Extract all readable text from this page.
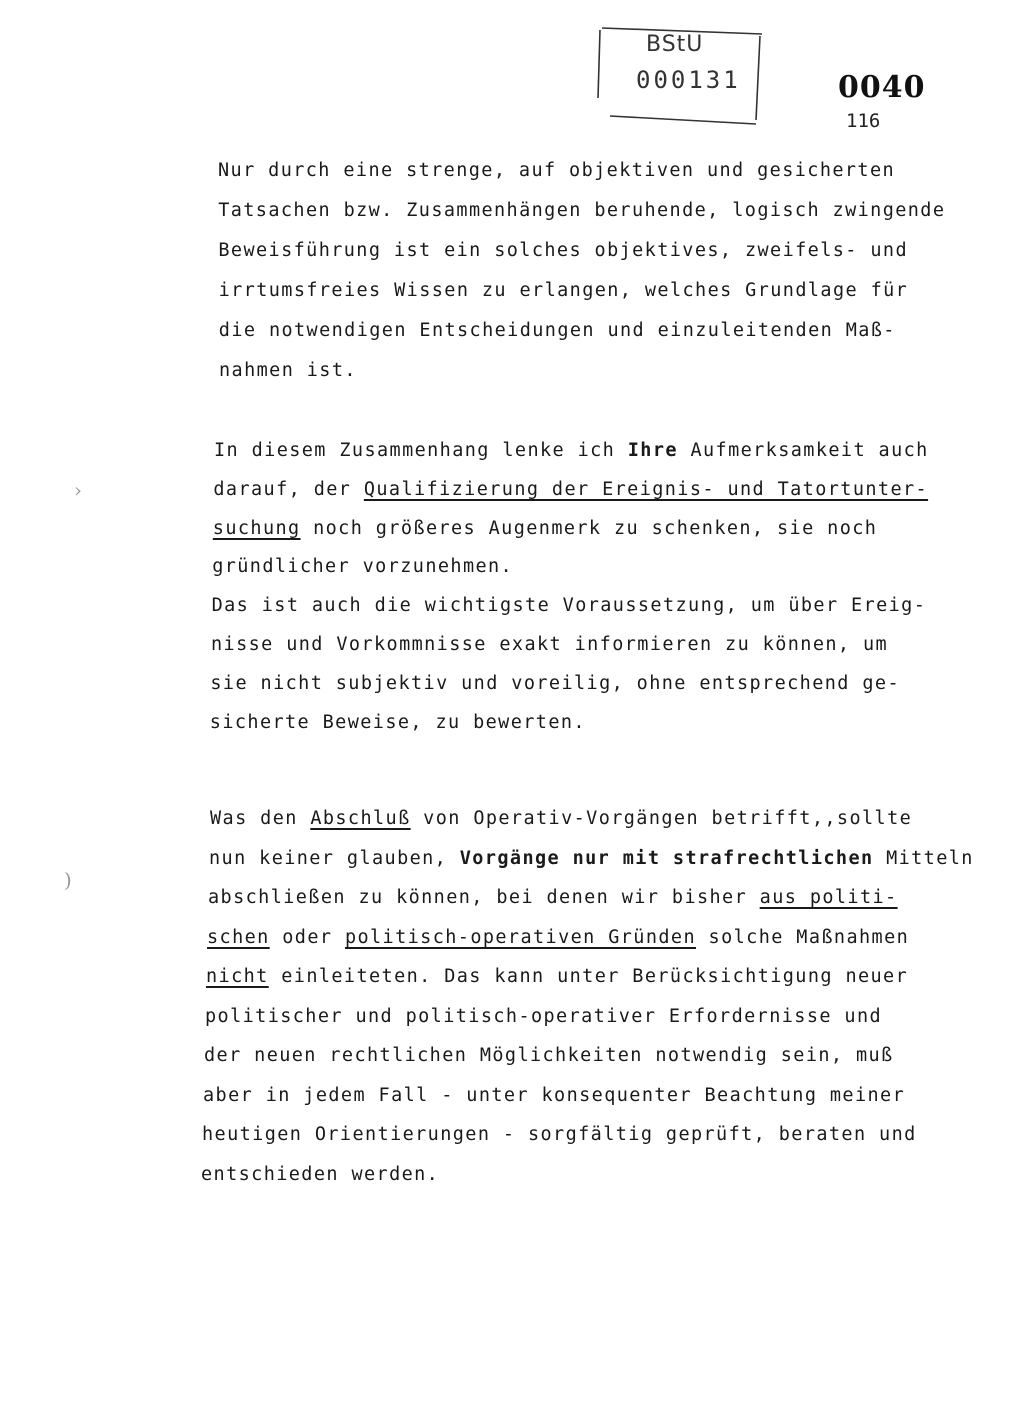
BStU
000131	0040
116
›
)
Nur durch eine strenge, auf objektiven und gesicherten
Tatsachen bzw. Zusammenhängen beruhende, logisch zwingende
Beweisführung ist ein solches objektives, zweifels- und
irrtumsfreies Wissen zu erlangen, welches Grundlage für
die notwendigen Entscheidungen und einzuleitenden Maß-
nahmen ist.
In diesem Zusammenhang lenke ich Ihre Aufmerksamkeit auch
darauf, der Qualifizierung der Ereignis- und Tatortunter-
suchung noch größeres Augenmerk zu schenken, sie noch
gründlicher vorzunehmen.
Das ist auch die wichtigste Voraussetzung, um über Ereig-
nisse und Vorkommnisse exakt informieren zu können, um
sie nicht subjektiv und voreilig, ohne entsprechend ge-
sicherte Beweise, zu bewerten.
Was den Abschluß von Operativ-Vorgängen betrifft,,sollte
nun keiner glauben, Vorgänge nur mit strafrechtlichen Mitteln
abschließen zu können, bei denen wir bisher aus politi-
schen oder politisch-operativen Gründen solche Maßnahmen
nicht einleiteten. Das kann unter Berücksichtigung neuer
politischer und politisch-operativer Erfordernisse und
der neuen rechtlichen Möglichkeiten notwendig sein, muß
aber in jedem Fall - unter konsequenter Beachtung meiner
heutigen Orientierungen - sorgfältig geprüft, beraten und
entschieden werden.
